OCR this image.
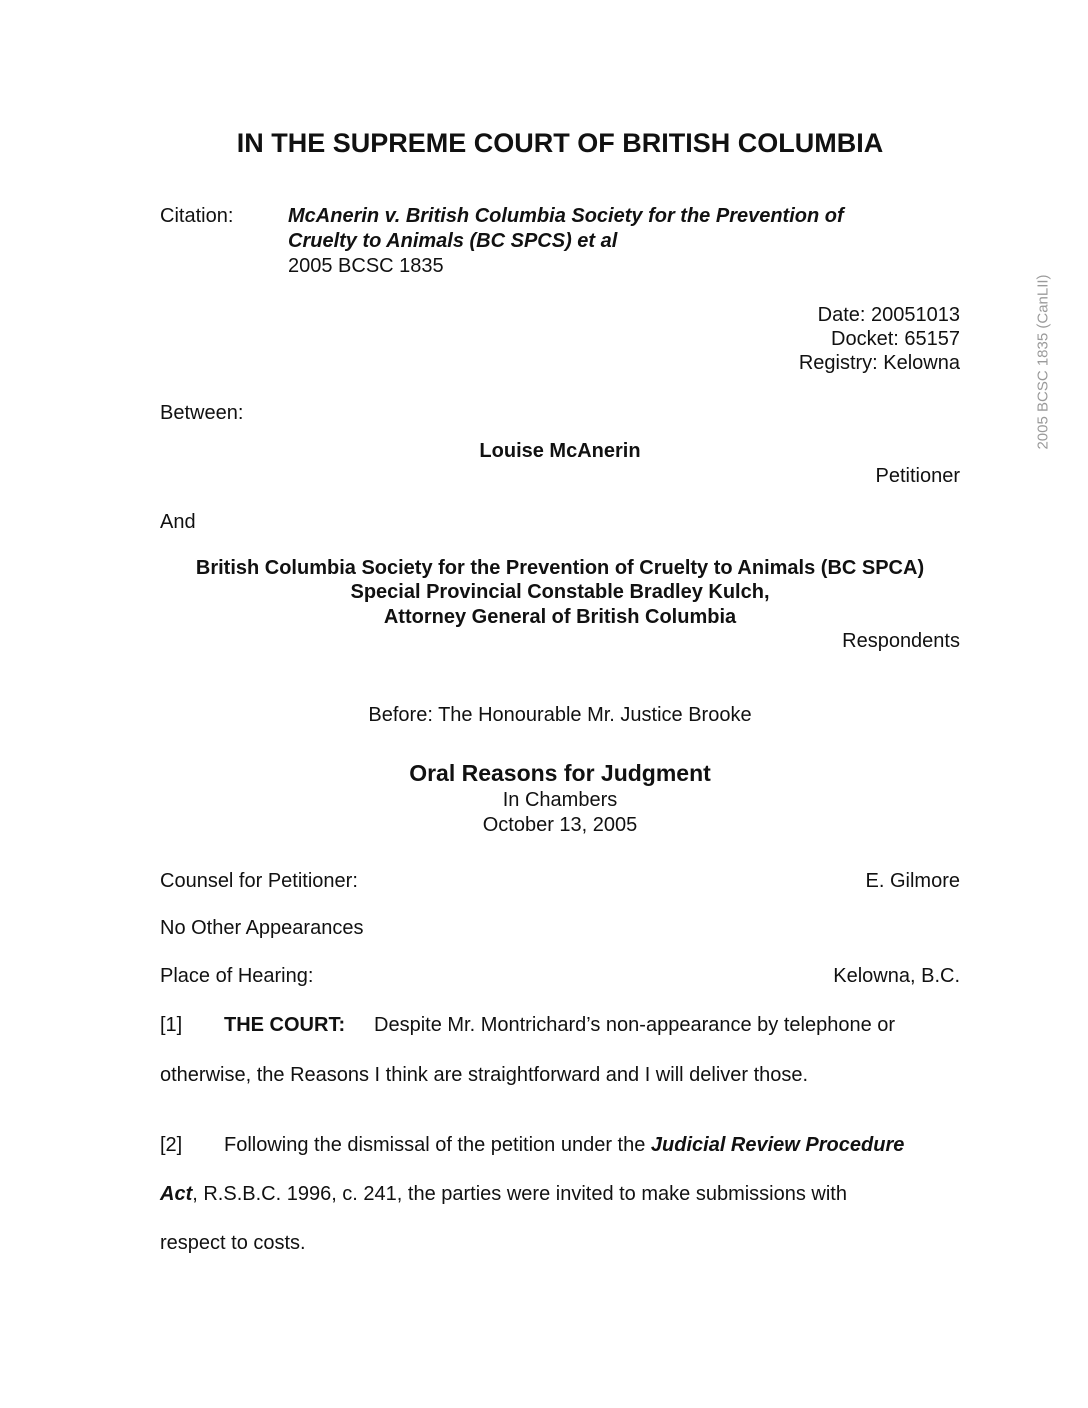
IN THE SUPREME COURT OF BRITISH COLUMBIA
2005 BCSC 1835 (CanLII)
Citation:	McAnerin v. British Columbia Society for the Prevention of
Cruelty to Animals (BC SPCS) et al
2005 BCSC 1835
Date: 20051013
Docket: 65157
Registry: Kelowna
Between:
Louise McAnerin
Petitioner
And
British Columbia Society for the Prevention of Cruelty to Animals (BC SPCA)
Special Provincial Constable Bradley Kulch,
Attorney General of British Columbia
Respondents
Before: The Honourable Mr. Justice Brooke
Oral Reasons for Judgment
In Chambers
October 13, 2005
Counsel for Petitioner:	E. Gilmore
No Other Appearances
Place of Hearing:	Kelowna, B.C.
[1] THE COURT: Despite Mr. Montrichard’s non-appearance by telephone or
otherwise, the Reasons I think are straightforward and I will deliver those.
[2] Following the dismissal of the petition under the Judicial Review Procedure
Act, R.S.B.C. 1996, c. 241, the parties were invited to make submissions with
respect to costs.
